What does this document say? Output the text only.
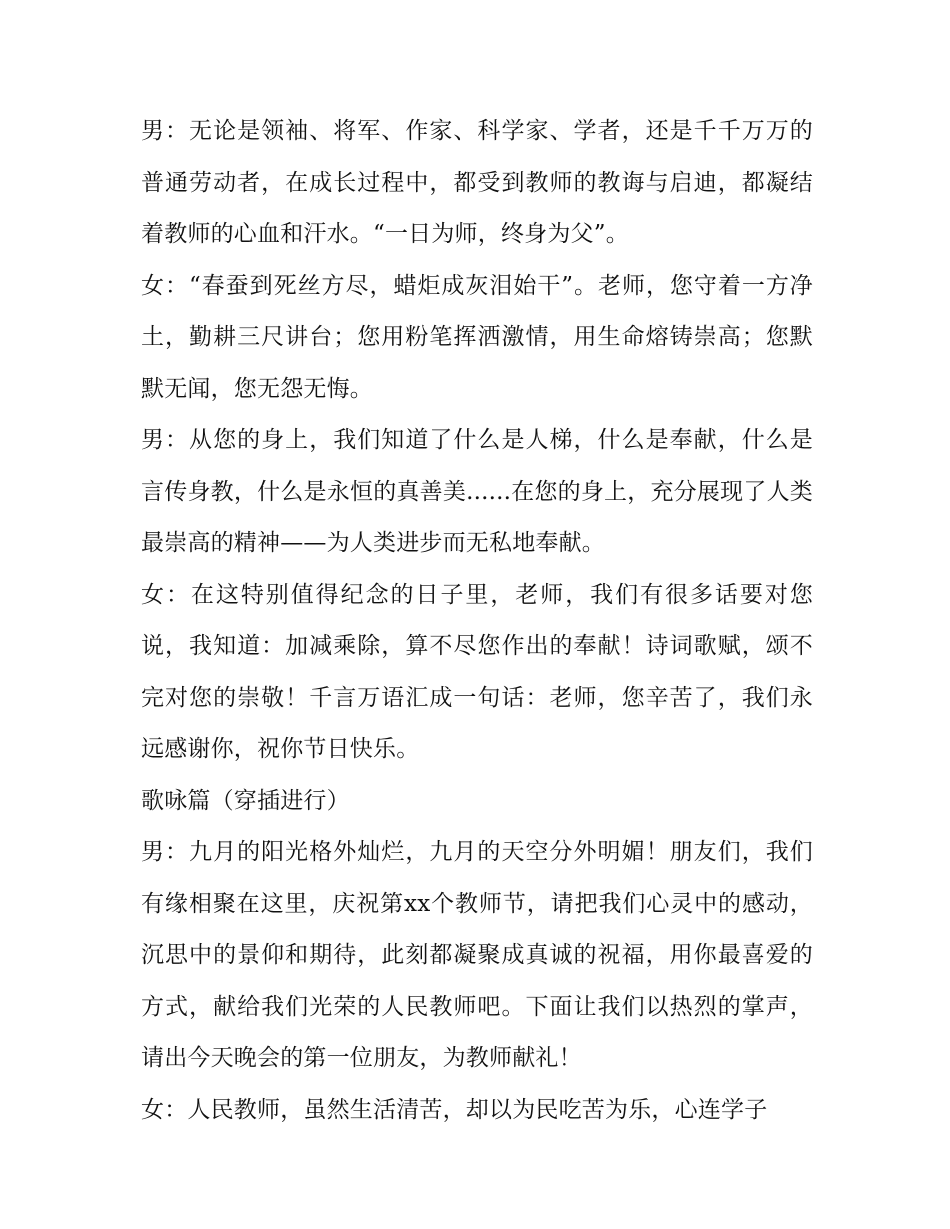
男：无论是领袖、将军、作家、科学家、学者，还是千千万万的普通劳动者，在成长过程中，都受到教师的教诲与启迪，都凝结着教师的心血和汗水。“一日为师，终身为父”。

女：“春蚕到死丝方尽，蜡炬成灰泪始干”。老师，您守着一方净土，勤耕三尺讲台；您用粉笔挥洒激情，用生命熔铸崇高；您默默无闻，您无怨无悔。

男：从您的身上，我们知道了什么是人梯，什么是奉献，什么是言传身教，什么是永恒的真善美......在您的身上，充分展现了人类最崇高的精神——为人类进步而无私地奉献。

女：在这特别值得纪念的日子里，老师，我们有很多话要对您说，我知道：加减乘除，算不尽您作出的奉献！诗词歌赋，颂不完对您的崇敬！千言万语汇成一句话：老师，您辛苦了，我们永远感谢你，祝你节日快乐。

歌咏篇（穿插进行）

男：九月的阳光格外灿烂，九月的天空分外明媚！朋友们，我们有缘相聚在这里，庆祝第xx个教师节，请把我们心灵中的感动，沉思中的景仰和期待，此刻都凝聚成真诚的祝福，用你最喜爱的方式，献给我们光荣的人民教师吧。下面让我们以热烈的掌声，请出今天晚会的第一位朋友，为教师献礼！

女：人民教师，虽然生活清苦，却以为民吃苦为乐，心连学子
